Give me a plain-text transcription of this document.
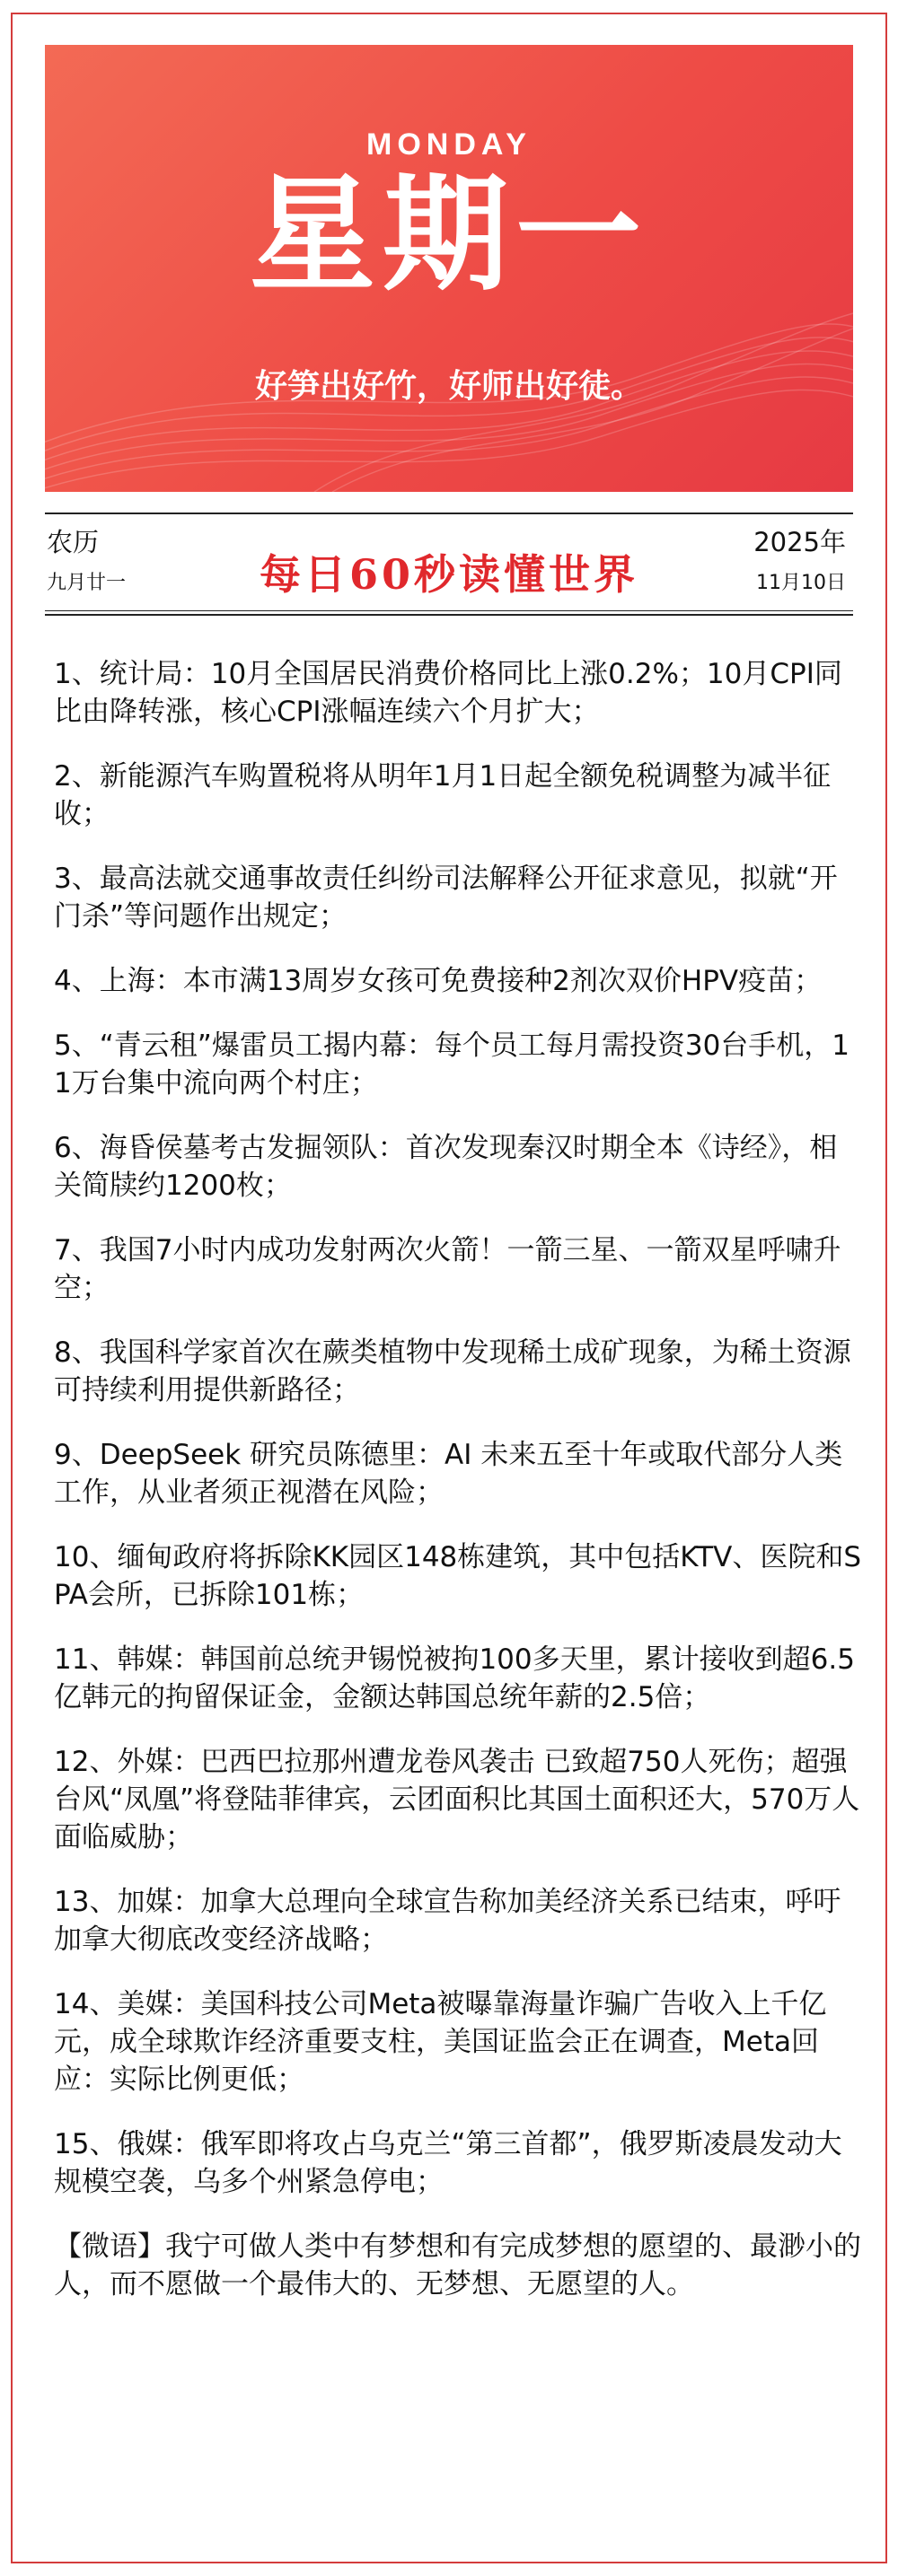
MONDAY
星期一
好笋出好竹，好师出好徒。
农历
九月廿一	每日60秒读懂世界
2025年
11月10日
1、统计局：10月全国居民消费价格同比上涨0.2%；10月CPI同比由降转涨，核心CPI涨幅连续六个月扩大；
2、新能源汽车购置税将从明年1月1日起全额免税调整为减半征收；
3、最高法就交通事故责任纠纷司法解释公开征求意见，拟就“开门杀”等问题作出规定；
4、上海：本市满13周岁女孩可免费接种2剂次双价HPV疫苗；
5、“青云租”爆雷员工揭内幕：每个员工每月需投资30台手机，11万台集中流向两个村庄；
6、海昏侯墓考古发掘领队：首次发现秦汉时期全本《诗经》，相关简牍约1200枚；
7、我国7小时内成功发射两次火箭！一箭三星、一箭双星呼啸升空；
8、我国科学家首次在蕨类植物中发现稀土成矿现象，为稀土资源可持续利用提供新路径；
9、DeepSeek 研究员陈德里：AI 未来五至十年或取代部分人类工作，从业者须正视潜在风险；
10、缅甸政府将拆除KK园区148栋建筑，其中包括KTV、医院和SPA会所，已拆除101栋；
11、韩媒：韩国前总统尹锡悦被拘100多天里，累计接收到超6.5亿韩元的拘留保证金，金额达韩国总统年薪的2.5倍；
12、外媒：巴西巴拉那州遭龙卷风袭击 已致超750人死伤；超强台风“凤凰”将登陆菲律宾，云团面积比其国土面积还大，570万人面临威胁；
13、加媒：加拿大总理向全球宣告称加美经济关系已结束，呼吁加拿大彻底改变经济战略；
14、美媒：美国科技公司Meta被曝靠海量诈骗广告收入上千亿元，成全球欺诈经济重要支柱，美国证监会正在调查，Meta回应：实际比例更低；
15、俄媒：俄军即将攻占乌克兰“第三首都”，俄罗斯凌晨发动大规模空袭，乌多个州紧急停电；
【微语】我宁可做人类中有梦想和有完成梦想的愿望的、最渺小的人，而不愿做一个最伟大的、无梦想、无愿望的人。
